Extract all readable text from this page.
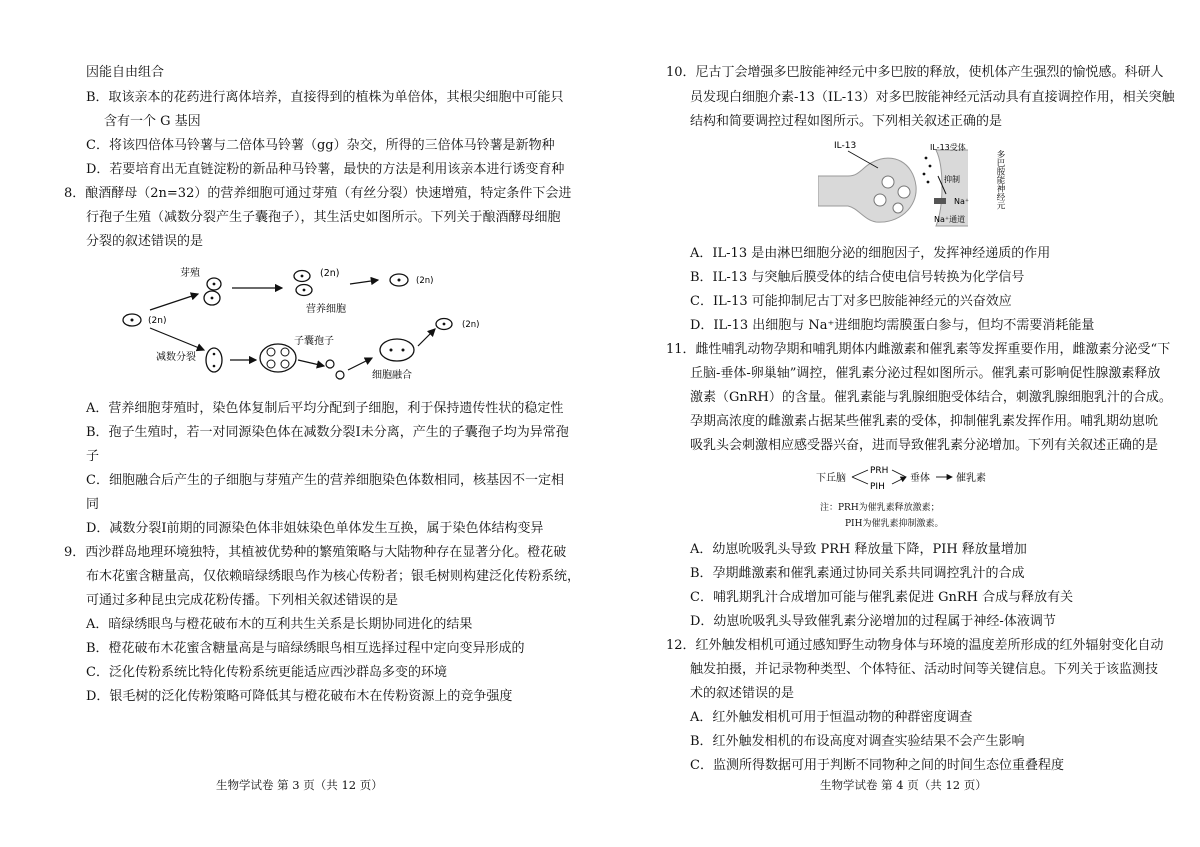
因能自由组合
B．取该亲本的花药进行离体培养，直接得到的植株为单倍体，其根尖细胞中可能只
含有一个 G 基因
C．将该四倍体马铃薯与二倍体马铃薯（gg）杂交，所得的三倍体马铃薯是新物种
D．若要培育出无直链淀粉的新品种马铃薯，最快的方法是利用该亲本进行诱变育种
8．酿酒酵母（2n=32）的营养细胞可通过芽殖（有丝分裂）快速增殖，特定条件下会进
行孢子生殖（减数分裂产生子囊孢子），其生活史如图所示。下列关于酿酒酵母细胞
分裂的叙述错误的是
(2n)
芽殖	(2n)
营养细胞
(2n)
减数分裂
子囊孢子
细胞融合
(2n)
A．营养细胞芽殖时，染色体复制后平均分配到子细胞，利于保持遗传性状的稳定性
B．孢子生殖时，若一对同源染色体在减数分裂Ⅰ未分离，产生的子囊孢子均为异常孢
子
C．细胞融合后产生的子细胞与芽殖产生的营养细胞染色体数相同，核基因不一定相
同
D．减数分裂Ⅰ前期的同源染色体非姐妹染色单体发生互换，属于染色体结构变异
9．西沙群岛地理环境独特，其植被优势种的繁殖策略与大陆物种存在显著分化。橙花破
布木花蜜含糖量高，仅依赖暗绿绣眼鸟作为核心传粉者；银毛树则构建泛化传粉系统，
可通过多种昆虫完成花粉传播。下列相关叙述错误的是
A．暗绿绣眼鸟与橙花破布木的互利共生关系是长期协同进化的结果
B．橙花破布木花蜜含糖量高是与暗绿绣眼鸟相互选择过程中定向变异形成的
C．泛化传粉系统比特化传粉系统更能适应西沙群岛多变的环境
D．银毛树的泛化传粉策略可降低其与橙花破布木在传粉资源上的竞争强度
生物学试卷 第 3 页（共 12 页）
10．尼古丁会增强多巴胺能神经元中多巴胺的释放，使机体产生强烈的愉悦感。科研人
员发现白细胞介素-13（IL-13）对多巴胺能神经元活动具有直接调控作用，相关突触
结构和简要调控过程如图所示。下列相关叙述正确的是
IL-13	IL-13受体
抑制
Na⁺
Na⁺通道
多巴胺能神经元
A．IL-13 是由淋巴细胞分泌的细胞因子，发挥神经递质的作用
B．IL-13 与突触后膜受体的结合使电信号转换为化学信号
C．IL-13 可能抑制尼古丁对多巴胺能神经元的兴奋效应
D．IL-13 出细胞与 Na⁺进细胞均需膜蛋白参与，但均不需要消耗能量
11．雌性哺乳动物孕期和哺乳期体内雌激素和催乳素等发挥重要作用，雌激素分泌受“下
丘脑-垂体-卵巢轴”调控，催乳素分泌过程如图所示。催乳素可影响促性腺激素释放
激素（GnRH）的含量。催乳素能与乳腺细胞受体结合，刺激乳腺细胞乳汁的合成。
孕期高浓度的雌激素占据某些催乳素的受体，抑制催乳素发挥作用。哺乳期幼崽吮
吸乳头会刺激相应感受器兴奋，进而导致催乳素分泌增加。下列有关叙述正确的是
下丘脑
PRH
PIH
垂体	催乳素
注：PRH为催乳素释放激素；
PIH为催乳素抑制激素。
A．幼崽吮吸乳头导致 PRH 释放量下降，PIH 释放量增加
B．孕期雌激素和催乳素通过协同关系共同调控乳汁的合成
C．哺乳期乳汁合成增加可能与催乳素促进 GnRH 合成与释放有关
D．幼崽吮吸乳头导致催乳素分泌增加的过程属于神经-体液调节
12．红外触发相机可通过感知野生动物身体与环境的温度差所形成的红外辐射变化自动
触发拍摄，并记录物种类型、个体特征、活动时间等关键信息。下列关于该监测技
术的叙述错误的是
A．红外触发相机可用于恒温动物的种群密度调查
B．红外触发相机的布设高度对调查实验结果不会产生影响
C．监测所得数据可用于判断不同物种之间的时间生态位重叠程度
生物学试卷 第 4 页（共 12 页）
